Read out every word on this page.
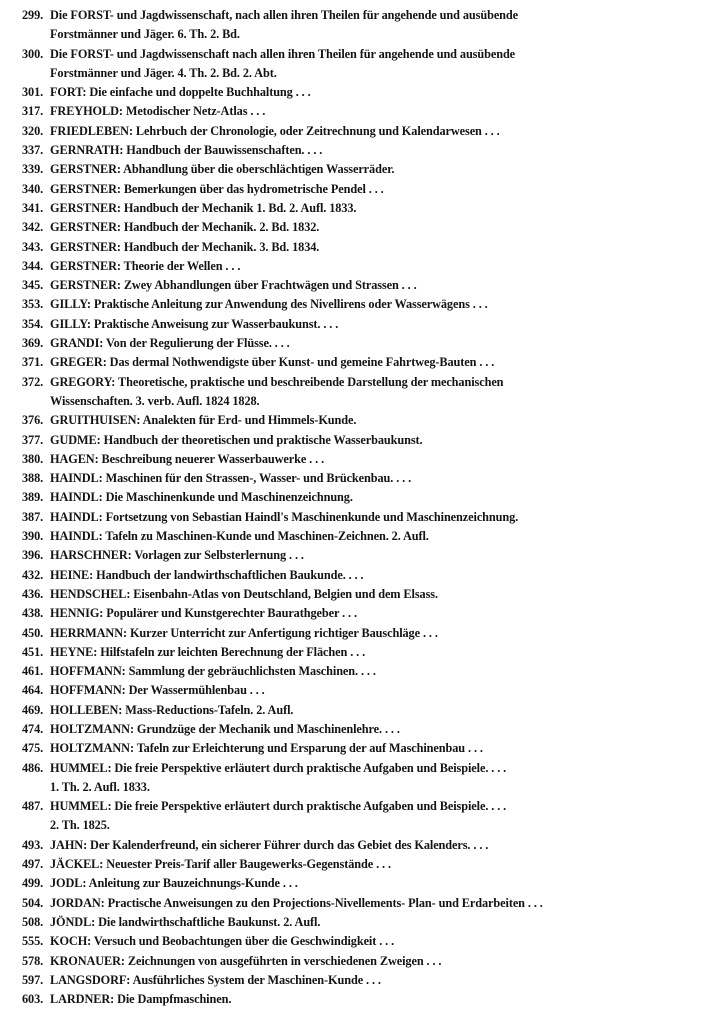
299. Die FORST- und Jagdwissenschaft, nach allen ihren Theilen für angehende und ausübende
Forstmänner und Jäger. 6. Th. 2. Bd.
300. Die FORST- und Jagdwissenschaft nach allen ihren Theilen für angehende und ausübende
Forstmänner und Jäger. 4. Th. 2. Bd. 2. Abt.
301. FORT: Die einfache und doppelte Buchhaltung . . .
317. FREYHOLD: Metodischer Netz-Atlas . . .
320. FRIEDLEBEN: Lehrbuch der Chronologie, oder Zeitrechnung und Kalendarwesen . . .
337. GERNRATH: Handbuch der Bauwissenschaften. . . .
339. GERSTNER: Abhandlung über die oberschlächtigen Wasserräder.
340. GERSTNER: Bemerkungen über das hydrometrische Pendel . . .
341. GERSTNER: Handbuch der Mechanik 1. Bd. 2. Aufl. 1833.
342. GERSTNER: Handbuch der Mechanik. 2. Bd. 1832.
343. GERSTNER: Handbuch der Mechanik. 3. Bd. 1834.
344. GERSTNER: Theorie der Wellen . . .
345. GERSTNER: Zwey Abhandlungen über Frachtwägen und Strassen . . .
353. GILLY: Praktische Anleitung zur Anwendung des Nivellirens oder Wasserwägens . . .
354. GILLY: Praktische Anweisung zur Wasserbaukunst. . . .
369. GRANDI: Von der Regulierung der Flüsse. . . .
371. GREGER: Das dermal Nothwendigste über Kunst- und gemeine Fahrtweg-Bauten . . .
372. GREGORY: Theoretische, praktische und beschreibende Darstellung der mechanischen
Wissenschaften. 3. verb. Aufl. 1824 1828.
376. GRUITHUISEN: Analekten für Erd- und Himmels-Kunde.
377. GUDME: Handbuch der theoretischen und praktische Wasserbaukunst.
380. HAGEN: Beschreibung neuerer Wasserbauwerke . . .
388. HAINDL: Maschinen für den Strassen-, Wasser- und Brückenbau. . . .
389. HAINDL: Die Maschinenkunde und Maschinenzeichnung.
387. HAINDL: Fortsetzung von Sebastian Haindl's Maschinenkunde und Maschinenzeichnung.
390. HAINDL: Tafeln zu Maschinen-Kunde und Maschinen-Zeichnen. 2. Aufl.
396. HARSCHNER: Vorlagen zur Selbsterlernung . . .
432. HEINE: Handbuch der landwirthschaftlichen Baukunde. . . .
436. HENDSCHEL: Eisenbahn-Atlas von Deutschland, Belgien und dem Elsass.
438. HENNIG: Populärer und Kunstgerechter Baurathgeber . . .
450. HERRMANN: Kurzer Unterricht zur Anfertigung richtiger Bauschläge . . .
451. HEYNE: Hilfstafeln zur leichten Berechnung der Flächen . . .
461. HOFFMANN: Sammlung der gebräuchlichsten Maschinen. . . .
464. HOFFMANN: Der Wassermühlenbau . . .
469. HOLLEBEN: Mass-Reductions-Tafeln. 2. Aufl.
474. HOLTZMANN: Grundzüge der Mechanik und Maschinenlehre. . . .
475. HOLTZMANN: Tafeln zur Erleichterung und Ersparung der auf Maschinenbau . . .
486. HUMMEL: Die freie Perspektive erläutert durch praktische Aufgaben und Beispiele. . . .
1. Th. 2. Aufl. 1833.
487. HUMMEL: Die freie Perspektive erläutert durch praktische Aufgaben und Beispiele. . . .
2. Th. 1825.
493. JAHN: Der Kalenderfreund, ein sicherer Führer durch das Gebiet des Kalenders. . . .
497. JÄCKEL: Neuester Preis-Tarif aller Baugewerks-Gegenstände . . .
499. JODL: Anleitung zur Bauzeichnungs-Kunde . . .
504. JORDAN: Practische Anweisungen zu den Projections-Nivellements- Plan- und Erdarbeiten . . .
508. JÖNDL: Die landwirthschaftliche Baukunst. 2. Aufl.
555. KOCH: Versuch und Beobachtungen über die Geschwindigkeit . . .
578. KRONAUER: Zeichnungen von ausgeführten in verschiedenen Zweigen . . .
597. LANGSDORF: Ausführliches System der Maschinen-Kunde . . .
603. LARDNER: Die Dampfmaschinen.
